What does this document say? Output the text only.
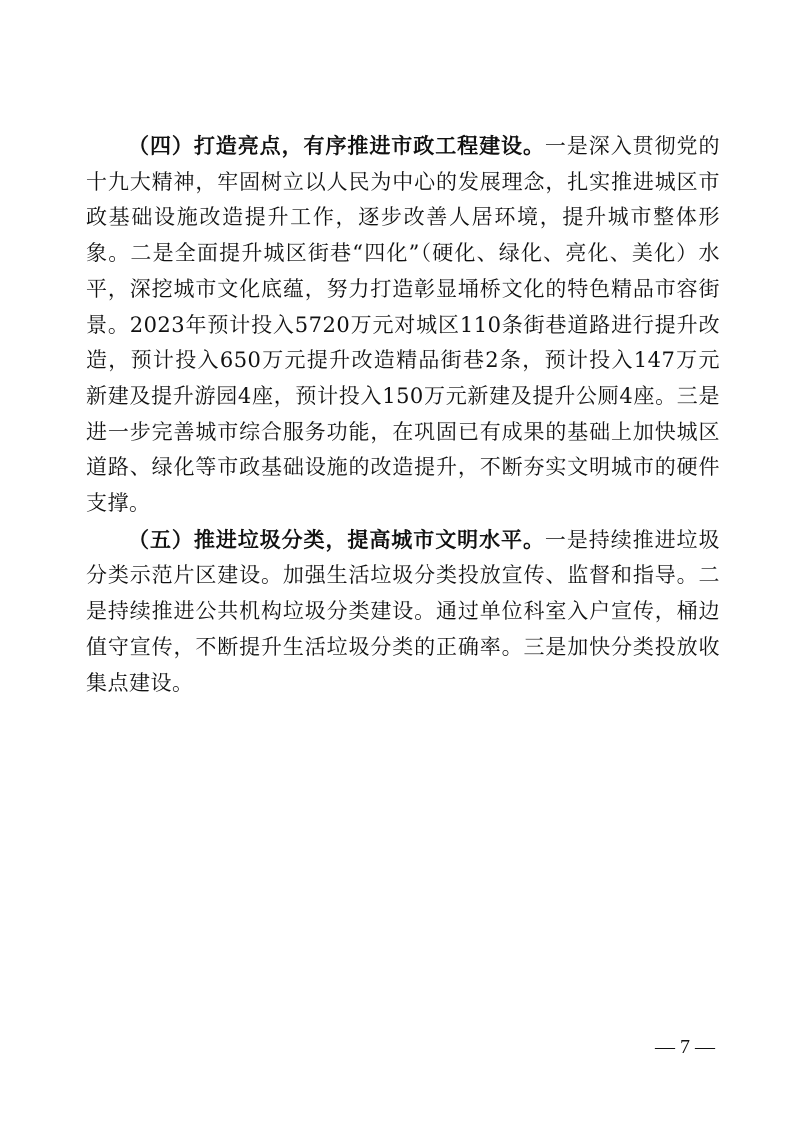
（四）打造亮点，有序推进市政工程建设。一是深入贯彻党的十九大精神，牢固树立以人民为中心的发展理念，扎实推进城区市政基础设施改造提升工作，逐步改善人居环境，提升城市整体形象。二是全面提升城区街巷“四化”（硬化、绿化、亮化、美化）水平，深挖城市文化底蕴，努力打造彰显埇桥文化的特色精品市容街景。2023年预计投入5720万元对城区110条街巷道路进行提升改造，预计投入650万元提升改造精品街巷2条，预计投入147万元新建及提升游园4座，预计投入150万元新建及提升公厕4座。三是进一步完善城市综合服务功能，在巩固已有成果的基础上加快城区道路、绿化等市政基础设施的改造提升，不断夯实文明城市的硬件支撑。

（五）推进垃圾分类，提高城市文明水平。一是持续推进垃圾分类示范片区建设。加强生活垃圾分类投放宣传、监督和指导。二是持续推进公共机构垃圾分类建设。通过单位科室入户宣传，桶边值守宣传，不断提升生活垃圾分类的正确率。三是加快分类投放收集点建设。

— 7 —
